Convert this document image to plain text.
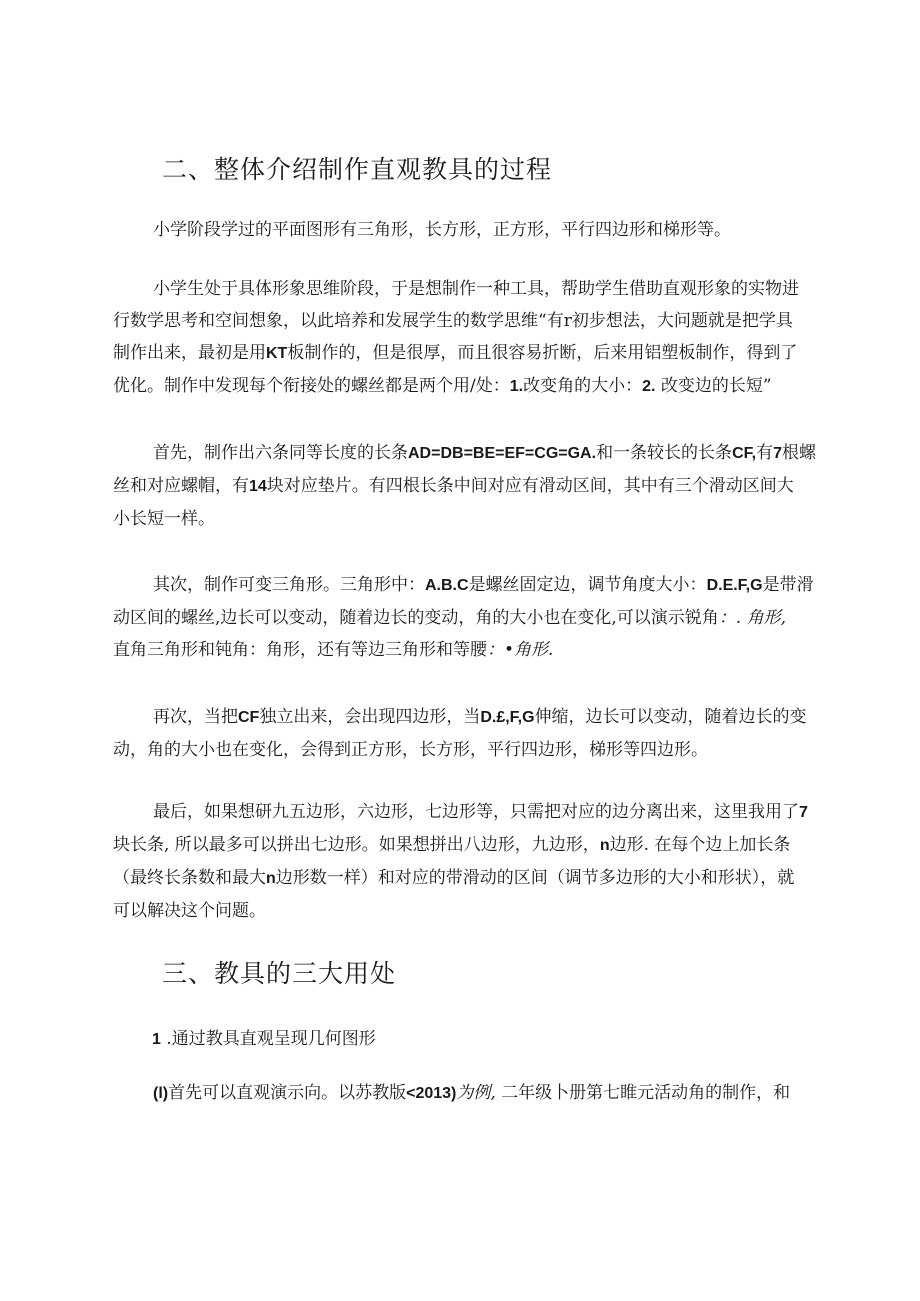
二、整体介绍制作直观教具的过程

小学阶段学过的平面图形有三角形，长方形，正方形，平行四边形和梯形等。

小学生处于具体形象思维阶段，于是想制作一种工具，帮助学生借助直观形象的实物进
行数学思考和空间想象，以此培养和发展学生的数学思维“有r初步想法，大问题就是把学具
制作出来，最初是用KT板制作的，但是很厚，而且很容易折断，后来用铝塑板制作，得到了
优化。制作中发现每个衔接处的螺丝都是两个用/处：1.改变角的大小：2. 改变边的长短”

首先，制作出六条同等长度的长条AD=DB=BE=EF=CG=GA.和一条较长的长条CF,有7根螺
丝和对应螺帽，有14块对应垫片。有四根长条中间对应有滑动区间，其中有三个滑动区间大
小长短一样。

其次，制作可变三角形。三角形中：A.B.C是螺丝固定边，调节角度大小：D.E.F,G是带滑
动区间的螺丝,边长可以变动，随着边长的变动，角的大小也在变化,可以演示锐角：. 角形,
直角三角形和钝角：角形，还有等边三角形和等腰：•角形.

再次，当把CF独立出来，会出现四边形，当D.£,F,G伸缩，边长可以变动，随着边长的变
动，角的大小也在变化，会得到正方形，长方形，平行四边形，梯形等四边形。

最后，如果想研九五边形，六边形，七边形等，只需把对应的边分离出来，这里我用了7
块长条, 所以最多可以拼出七边形。如果想拼出八边形，九边形，n边形. 在每个边上加长条
（最终长条数和最大n边形数一样）和对应的带滑动的区间（调节多边形的大小和形状），就
可以解决这个问题。

三、教具的三大用处

1 .通过教具直观呈现几何图形

(l)首先可以直观演示向。以苏教版<2013)为例, 二年级卜册第七睢元活动角的制作，和
